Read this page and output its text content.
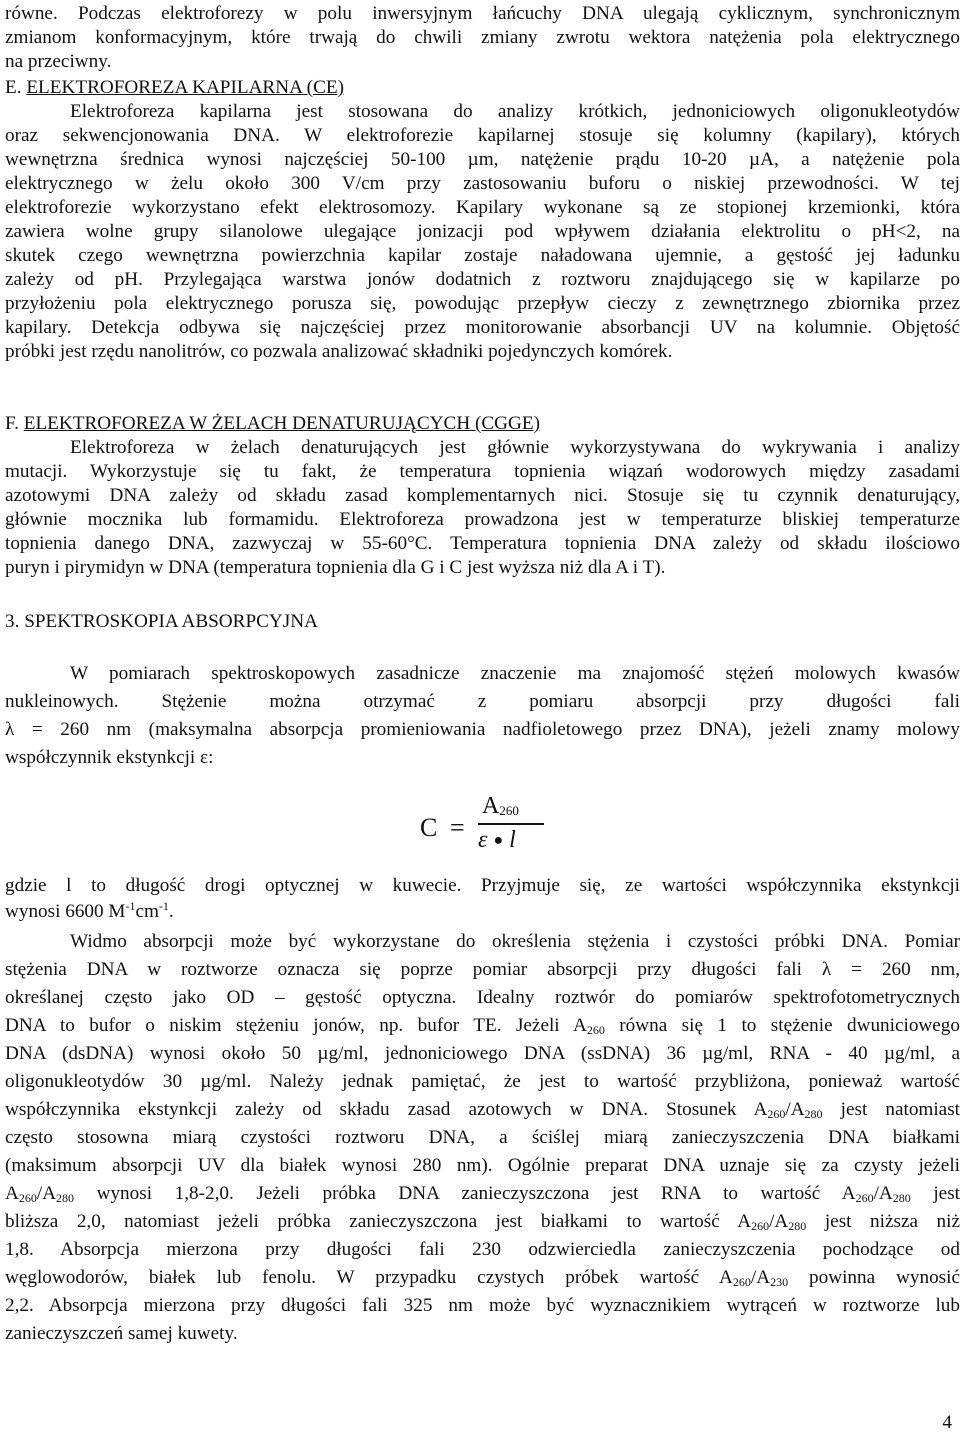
równe. Podczas elektroforezy w polu inwersyjnym łańcuchy DNA ulegają cyklicznym, synchronicznym
zmianom konformacyjnym, które trwają do chwili zmiany zwrotu wektora natężenia pola elektrycznego
na przeciwny.
E. ELEKTROFOREZA KAPILARNA (CE)
Elektroforeza kapilarna jest stosowana do analizy krótkich, jednoniciowych oligonukleotydów
oraz sekwencjonowania DNA. W elektroforezie kapilarnej stosuje się kolumny (kapilary), których
wewnętrzna średnica wynosi najczęściej 50-100 µm, natężenie prądu 10-20 µA, a natężenie pola
elektrycznego w żelu około 300 V/cm przy zastosowaniu buforu o niskiej przewodności. W tej
elektroforezie wykorzystano efekt elektrosomozy. Kapilary wykonane są ze stopionej krzemionki, która
zawiera wolne grupy silanolowe ulegające jonizacji pod wpływem działania elektrolitu o pH<2, na
skutek czego wewnętrzna powierzchnia kapilar zostaje naładowana ujemnie, a gęstość jej ładunku
zależy od pH. Przylegająca warstwa jonów dodatnich z roztworu znajdującego się w kapilarze po
przyłożeniu pola elektrycznego porusza się, powodując przepływ cieczy z zewnętrznego zbiornika przez
kapilary. Detekcja odbywa się najczęściej przez monitorowanie absorbancji UV na kolumnie. Objętość
próbki jest rzędu nanolitrów, co pozwala analizować składniki pojedynczych komórek.
F. ELEKTROFOREZA W ŻELACH DENATURUJĄCYCH (CGGE)
Elektroforeza w żelach denaturujących jest głównie wykorzystywana do wykrywania i analizy
mutacji. Wykorzystuje się tu fakt, że temperatura topnienia wiązań wodorowych między zasadami
azotowymi DNA zależy od składu zasad komplementarnych nici. Stosuje się tu czynnik denaturujący,
głównie mocznika lub formamidu. Elektroforeza prowadzona jest w temperaturze bliskiej temperaturze
topnienia danego DNA, zazwyczaj w 55-60°C. Temperatura topnienia DNA zależy od składu ilościowo
puryn i pirymidyn w DNA (temperatura topnienia dla G i C jest wyższa niż dla A i T).
3. SPEKTROSKOPIA ABSORPCYJNA
W pomiarach spektroskopowych zasadnicze znaczenie ma znajomość stężeń molowych kwasów
nukleinowych. Stężenie można otrzymać z pomiaru absorpcji przy długości fali
λ = 260 nm (maksymalna absorpcja promieniowania nadfioletowego przez DNA), jeżeli znamy molowy
współczynnik ekstynkcji ε:
C =
$A_{260}$
ε ● l
gdzie l to długość drogi optycznej w kuwecie. Przyjmuje się, ze wartości współczynnika ekstynkcji
wynosi 6600 $M^{-1}cm^{-1}$.
Widmo absorpcji może być wykorzystane do określenia stężenia i czystości próbki DNA. Pomiar
stężenia DNA w roztworze oznacza się poprze pomiar absorpcji przy długości fali λ = 260 nm,
określanej często jako OD – gęstość optyczna. Idealny roztwór do pomiarów spektrofotometrycznych
DNA to bufor o niskim stężeniu jonów, np. bufor TE. Jeżeli $A_{260}$ równa się 1 to stężenie dwuniciowego
DNA (dsDNA) wynosi około 50 µg/ml, jednoniciowego DNA (ssDNA) 36 µg/ml, RNA - 40 µg/ml, a
oligonukleotydów 30 µg/ml. Należy jednak pamiętać, że jest to wartość przybliżona, ponieważ wartość
współczynnika ekstynkcji zależy od składu zasad azotowych w DNA. Stosunek $A_{260}/A_{280}$ jest natomiast
często stosowna miarą czystości roztworu DNA, a ściślej miarą zanieczyszczenia DNA białkami
(maksimum absorpcji UV dla białek wynosi 280 nm). Ogólnie preparat DNA uznaje się za czysty jeżeli
$A_{260}/A_{280}$ wynosi 1,8-2,0. Jeżeli próbka DNA zanieczyszczona jest RNA to wartość $A_{260}/A_{280}$ jest
bliższa 2,0, natomiast jeżeli próbka zanieczyszczona jest białkami to wartość $A_{260}/A_{280}$ jest niższa niż
1,8. Absorpcja mierzona przy długości fali 230 odzwierciedla zanieczyszczenia pochodzące od
węglowodorów, białek lub fenolu. W przypadku czystych próbek wartość $A_{260}/A_{230}$ powinna wynosić
2,2. Absorpcja mierzona przy długości fali 325 nm może być wyznacznikiem wytrąceń w roztworze lub
zanieczyszczeń samej kuwety.
4
